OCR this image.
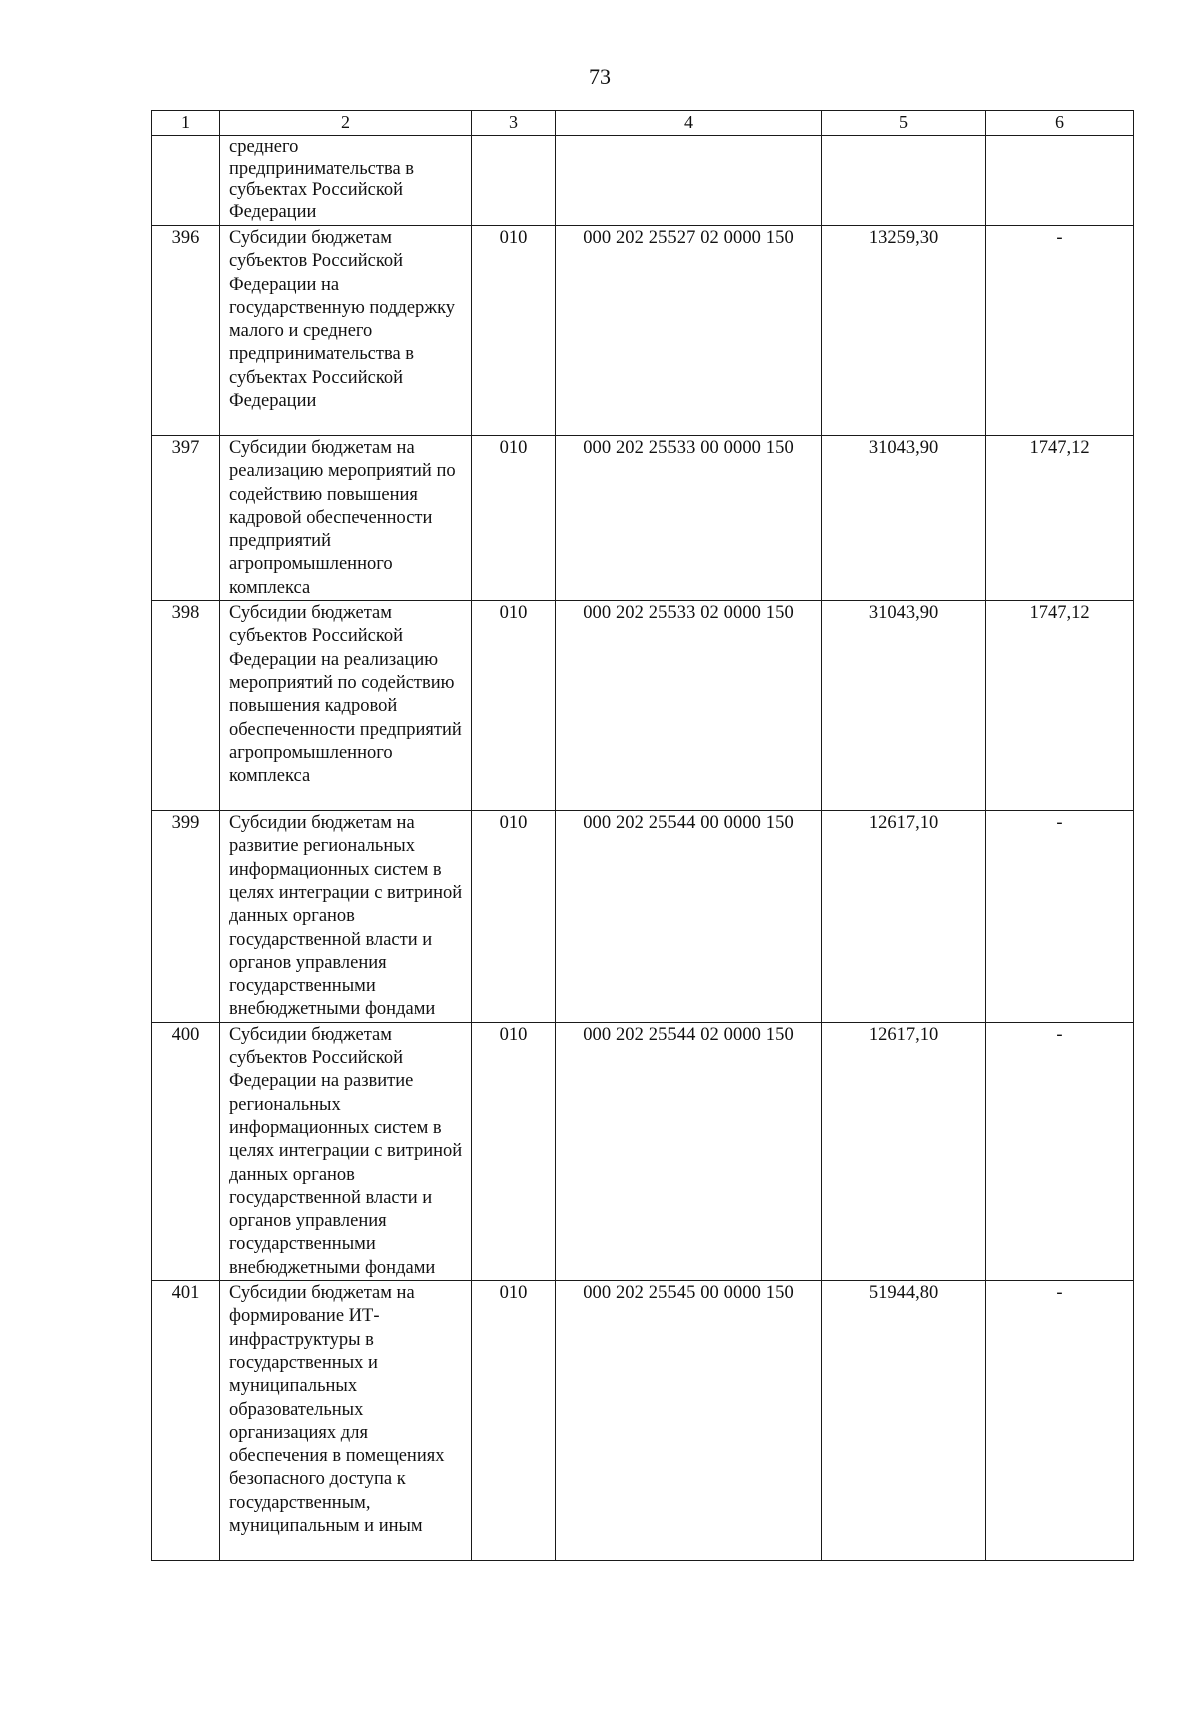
73
1	2	3	4	5	6
	среднего предпринимательства в субъектах Российской Федерации				
396	Субсидии бюджетам субъектов Российской Федерации на государственную поддержку малого и среднего предпринимательства в субъектах Российской Федерации	010	000 202 25527 02 0000 150	13259,30	-
397	Субсидии бюджетам на реализацию мероприятий по содействию повышения кадровой обеспеченности предприятий агропромышленного комплекса	010	000 202 25533 00 0000 150	31043,90	1747,12
398	Субсидии бюджетам субъектов Российской Федерации на реализацию мероприятий по содействию повышения кадровой обеспеченности предприятий агропромышленного комплекса	010	000 202 25533 02 0000 150	31043,90	1747,12
399	Субсидии бюджетам на развитие региональных информационных систем в целях интеграции с витриной данных органов государственной власти и органов управления государственными внебюджетными фондами	010	000 202 25544 00 0000 150	12617,10	-
400	Субсидии бюджетам субъектов Российской Федерации на развитие региональных информационных систем в целях интеграции с витриной данных органов государственной власти и органов управления государственными внебюджетными фондами	010	000 202 25544 02 0000 150	12617,10	-
401	Субсидии бюджетам на формирование ИТ-инфраструктуры в государственных и муниципальных образовательных организациях для обеспечения в помещениях безопасного доступа к государственным, муниципальным и иным	010	000 202 25545 00 0000 150	51944,80	-
